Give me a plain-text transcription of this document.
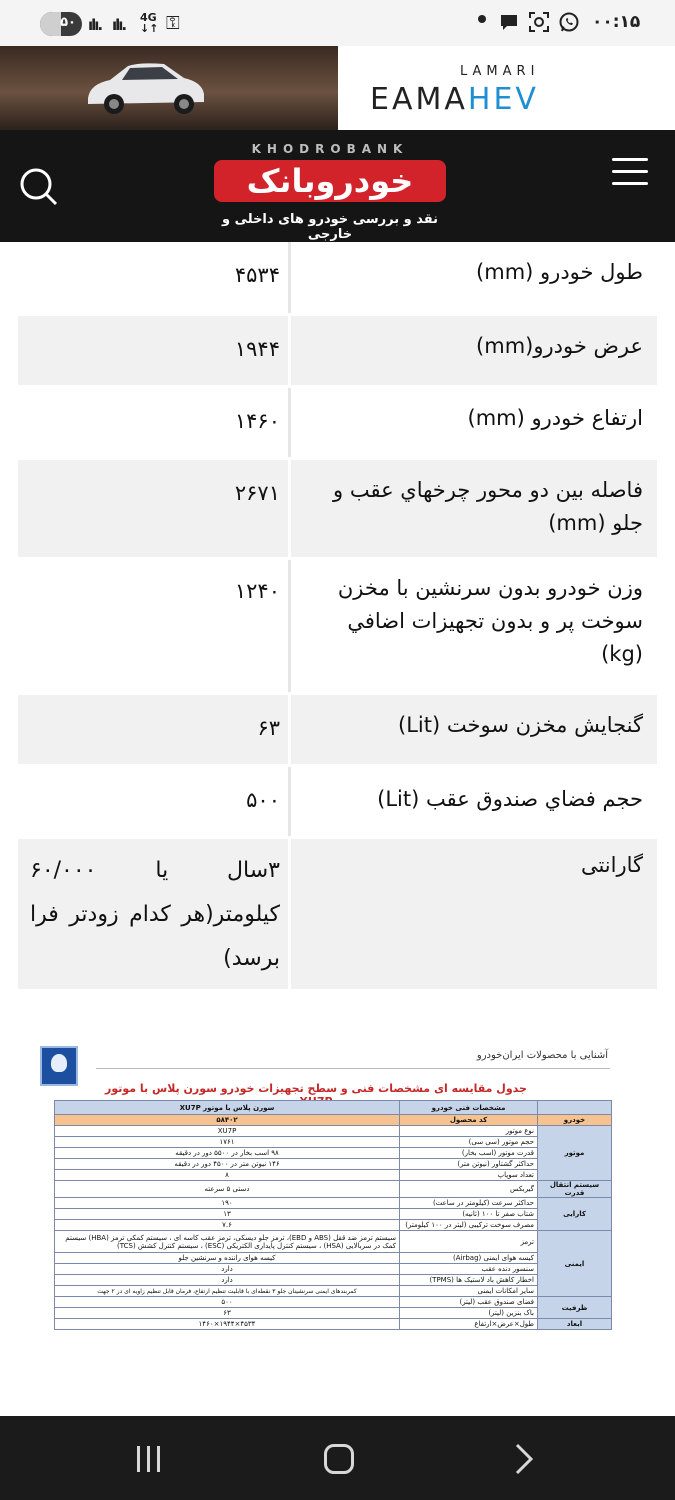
۵۰ ılı. ılı. 4G
↓↑ ⚿	۰۰:۱۵
LAMARI
EAMAHEV
KHODROBANK
خودروبانک
نقد و بررسی خودرو های داخلی و خارجی
طول خودرو (mm)
۴۵۳۴
عرض خودرو(mm)
۱۹۴۴
ارتفاع خودرو (mm)
۱۴۶۰
فاصله بين دو محور چرخهاي عقب و جلو (mm)
۲۶۷۱
وزن خودرو بدون سرنشين با مخزن سوخت پر و بدون تجهيزات اضافي (kg)
۱۲۴۰
گنجايش مخزن سوخت (Lit)
۶۳
حجم فضاي صندوق عقب (Lit)
۵۰۰
گارانتی
۳سال یا ۶۰/۰۰۰ کیلومتر(هر کدام زودتر فرا برسد)
آشنایی با محصولات ایران‌خودرو
جدول مقایسه ای مشخصات فنی و سطح تجهیزات خودرو سورن پلاس با موتور
	مشخصات فنی خودرو	سورن پلاس با موتور XU7P
خودرو	کد محصول	۵۸۴۰۲
موتور	نوع موتور	XU7P
	حجم موتور (سی سی)	۱۷۶۱
	قدرت موتور (اسب بخار)	۹۸ اسب بخار در ۵۵۰۰ دور در دقیقه
	حداکثر گشتاور (نیوتن متر)	۱۴۶ نیوتن متر در ۴۵۰۰ دور در دقیقه
	تعداد سوپاپ	۸
سیستم انتقال قدرت	گیربکس	دستی ۵ سرعته
کارایی	حداکثر سرعت (کیلومتر در ساعت)	۱۹۰
	شتاب صفر تا ۱۰۰ (ثانیه)	۱۳
	مصرف سوخت ترکیبی (لیتر در ۱۰۰ کیلومتر)	۷.۶
ایمنی	ترمز	سیستم ترمز ضد قفل (ABS و EBD)، ترمز جلو دیسکی، ترمز عقب کاسه ای ، سیستم کمکی ترمز (HBA) سیستم کمک در سربالایی (HSA) ، سیستم کنترل پایداری الکتریکی (ESC) ، سیستم کنترل کشش (TCS)
	کیسه هوای ایمنی (Airbag)	کیسه هوای راننده و سرنشین جلو
	سنسور دنده عقب	دارد
	اخطار کاهش باد لاستیک ها (TPMS)	دارد
	سایر امکانات ایمنی	کمربندهای ایمنی سرنشینان جلو ۳ نقطه‌ای با قابلیت تنظیم ارتفاع، فرمان قابل تنظیم زاویه ای در ۲ جهت
ظرفیت	فضای صندوق عقب (لیتر)	۵۰۰
	باک بنزین (لیتر)	۶۳
ابعاد	طول×عرض×ارتفاع	۴۵۳۴×۱۹۴۴×۱۴۶۰
